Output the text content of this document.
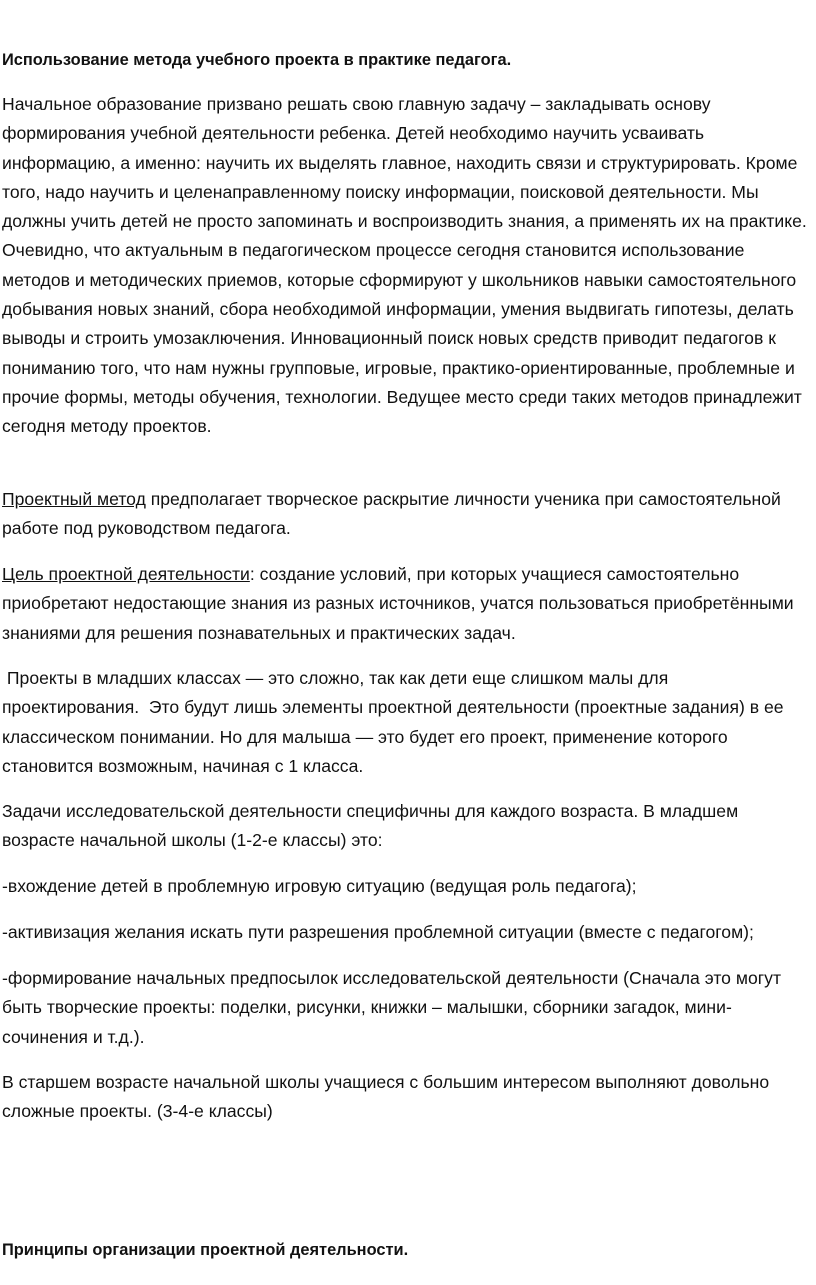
Использование метода учебного проекта в практике педагога.

Начальное образование призвано решать свою главную задачу – закладывать основу формирования учебной деятельности ребенка. Детей необходимо научить усваивать информацию, а именно: научить их выделять главное, находить связи и структурировать. Кроме того, надо научить и целенаправленному поиску информации, поисковой деятельности. Мы должны учить детей не просто запоминать и воспроизводить знания, а применять их на практике. Очевидно, что актуальным в педагогическом процессе сегодня становится использование методов и методических приемов, которые сформируют у школьников навыки самостоятельного добывания новых знаний, сбора необходимой информации, умения выдвигать гипотезы, делать выводы и строить умозаключения. Инновационный поиск новых средств приводит педагогов к пониманию того, что нам нужны групповые, игровые, практико-ориентированные, проблемные и прочие формы, методы обучения, технологии. Ведущее место среди таких методов принадлежит сегодня методу проектов.

Проектный метод предполагает творческое раскрытие личности ученика при самостоятельной работе под руководством педагога.

Цель проектной деятельности: создание условий, при которых учащиеся самостоятельно приобретают недостающие знания из разных источников, учатся пользоваться приобретёнными знаниями для решения познавательных и практических задач.

Проекты в младших классах — это сложно, так как дети еще слишком малы для проектирования.  Это будут лишь элементы проектной деятельности (проектные задания) в ее классическом понимании. Но для малыша — это будет его проект, применение которого становится возможным, начиная с 1 класса.

Задачи исследовательской деятельности специфичны для каждого возраста. В младшем возрасте начальной школы (1-2-е классы) это:

-вхождение детей в проблемную игровую ситуацию (ведущая роль педагога);

-активизация желания искать пути разрешения проблемной ситуации (вместе с педагогом);

-формирование начальных предпосылок исследовательской деятельности (Сначала это могут быть творческие проекты: поделки, рисунки, книжки – малышки, сборники загадок, мини-сочинения и т.д.).

В старшем возрасте начальной школы учащиеся с большим интересом выполняют довольно сложные проекты. (3-4-е классы)

Принципы организации проектной деятельности.
